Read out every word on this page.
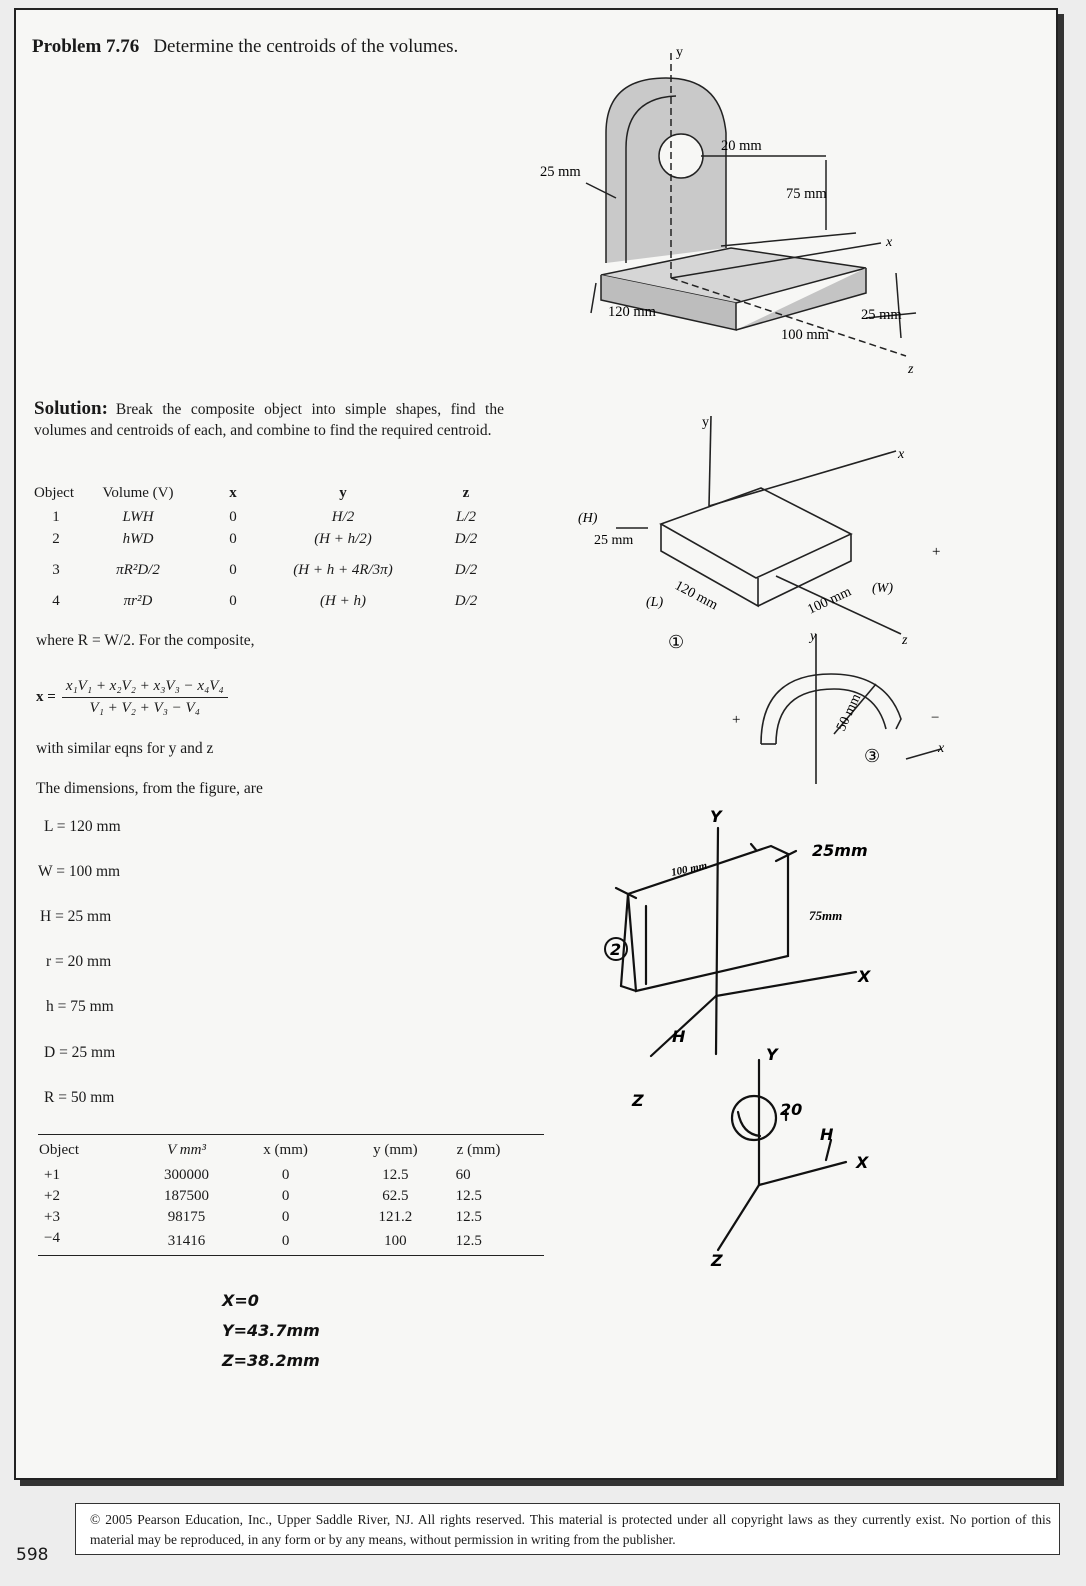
Problem 7.76 Determine the centroids of the volumes.	y
x
z
25 mm
20 mm
75 mm
120 mm
100 mm
25 mm
Solution: Break the composite object into simple shapes, find the volumes and centroids of each, and combine to find the required centroid.
Object	Volume (V)	x	y	z
1	LWH	0	H/2	L/2
2	hWD	0	(H + h/2)	D/2
3	πR²D/2	0	(H + h + 4R/3π)	D/2
4	πr²D	0	(H + h)	D/2
where R = W/2. For the composite,
$x = \frac{\text{x₁V₁ + x₂V₂ + x₃V₃ − x₄V₄}}{\text{V₁ + V₂ + V₃ − V₄}}$
with similar eqns for y and z
The dimensions, from the figure, are
L = 120 mm
W = 100 mm
H = 25 mm
r = 20 mm
h = 75 mm
D = 25 mm
R = 50 mm
Object	V mm³	x (mm)	y (mm)	z (mm)
+1	300000	0	12.5	60
+2	187500	0	62.5	12.5
+3	98175	0	121.2	12.5
−4	31416	0	100	12.5
X=0
Y=43.7mm
Z=38.2mm
y
x
z
(H)
25 mm
120 mm
(L)	100 mm (W)
+
①	y
x
50 mm
③
+	−
Y
100 mm
25mm
75mm
2
X
H
Z
Y
20
H
X
Z
© 2005 Pearson Education, Inc., Upper Saddle River, NJ. All rights reserved. This material is protected under all copyright laws as they currently exist. No portion of this material may be reproduced, in any form or by any means, without permission in writing from the publisher.
598
